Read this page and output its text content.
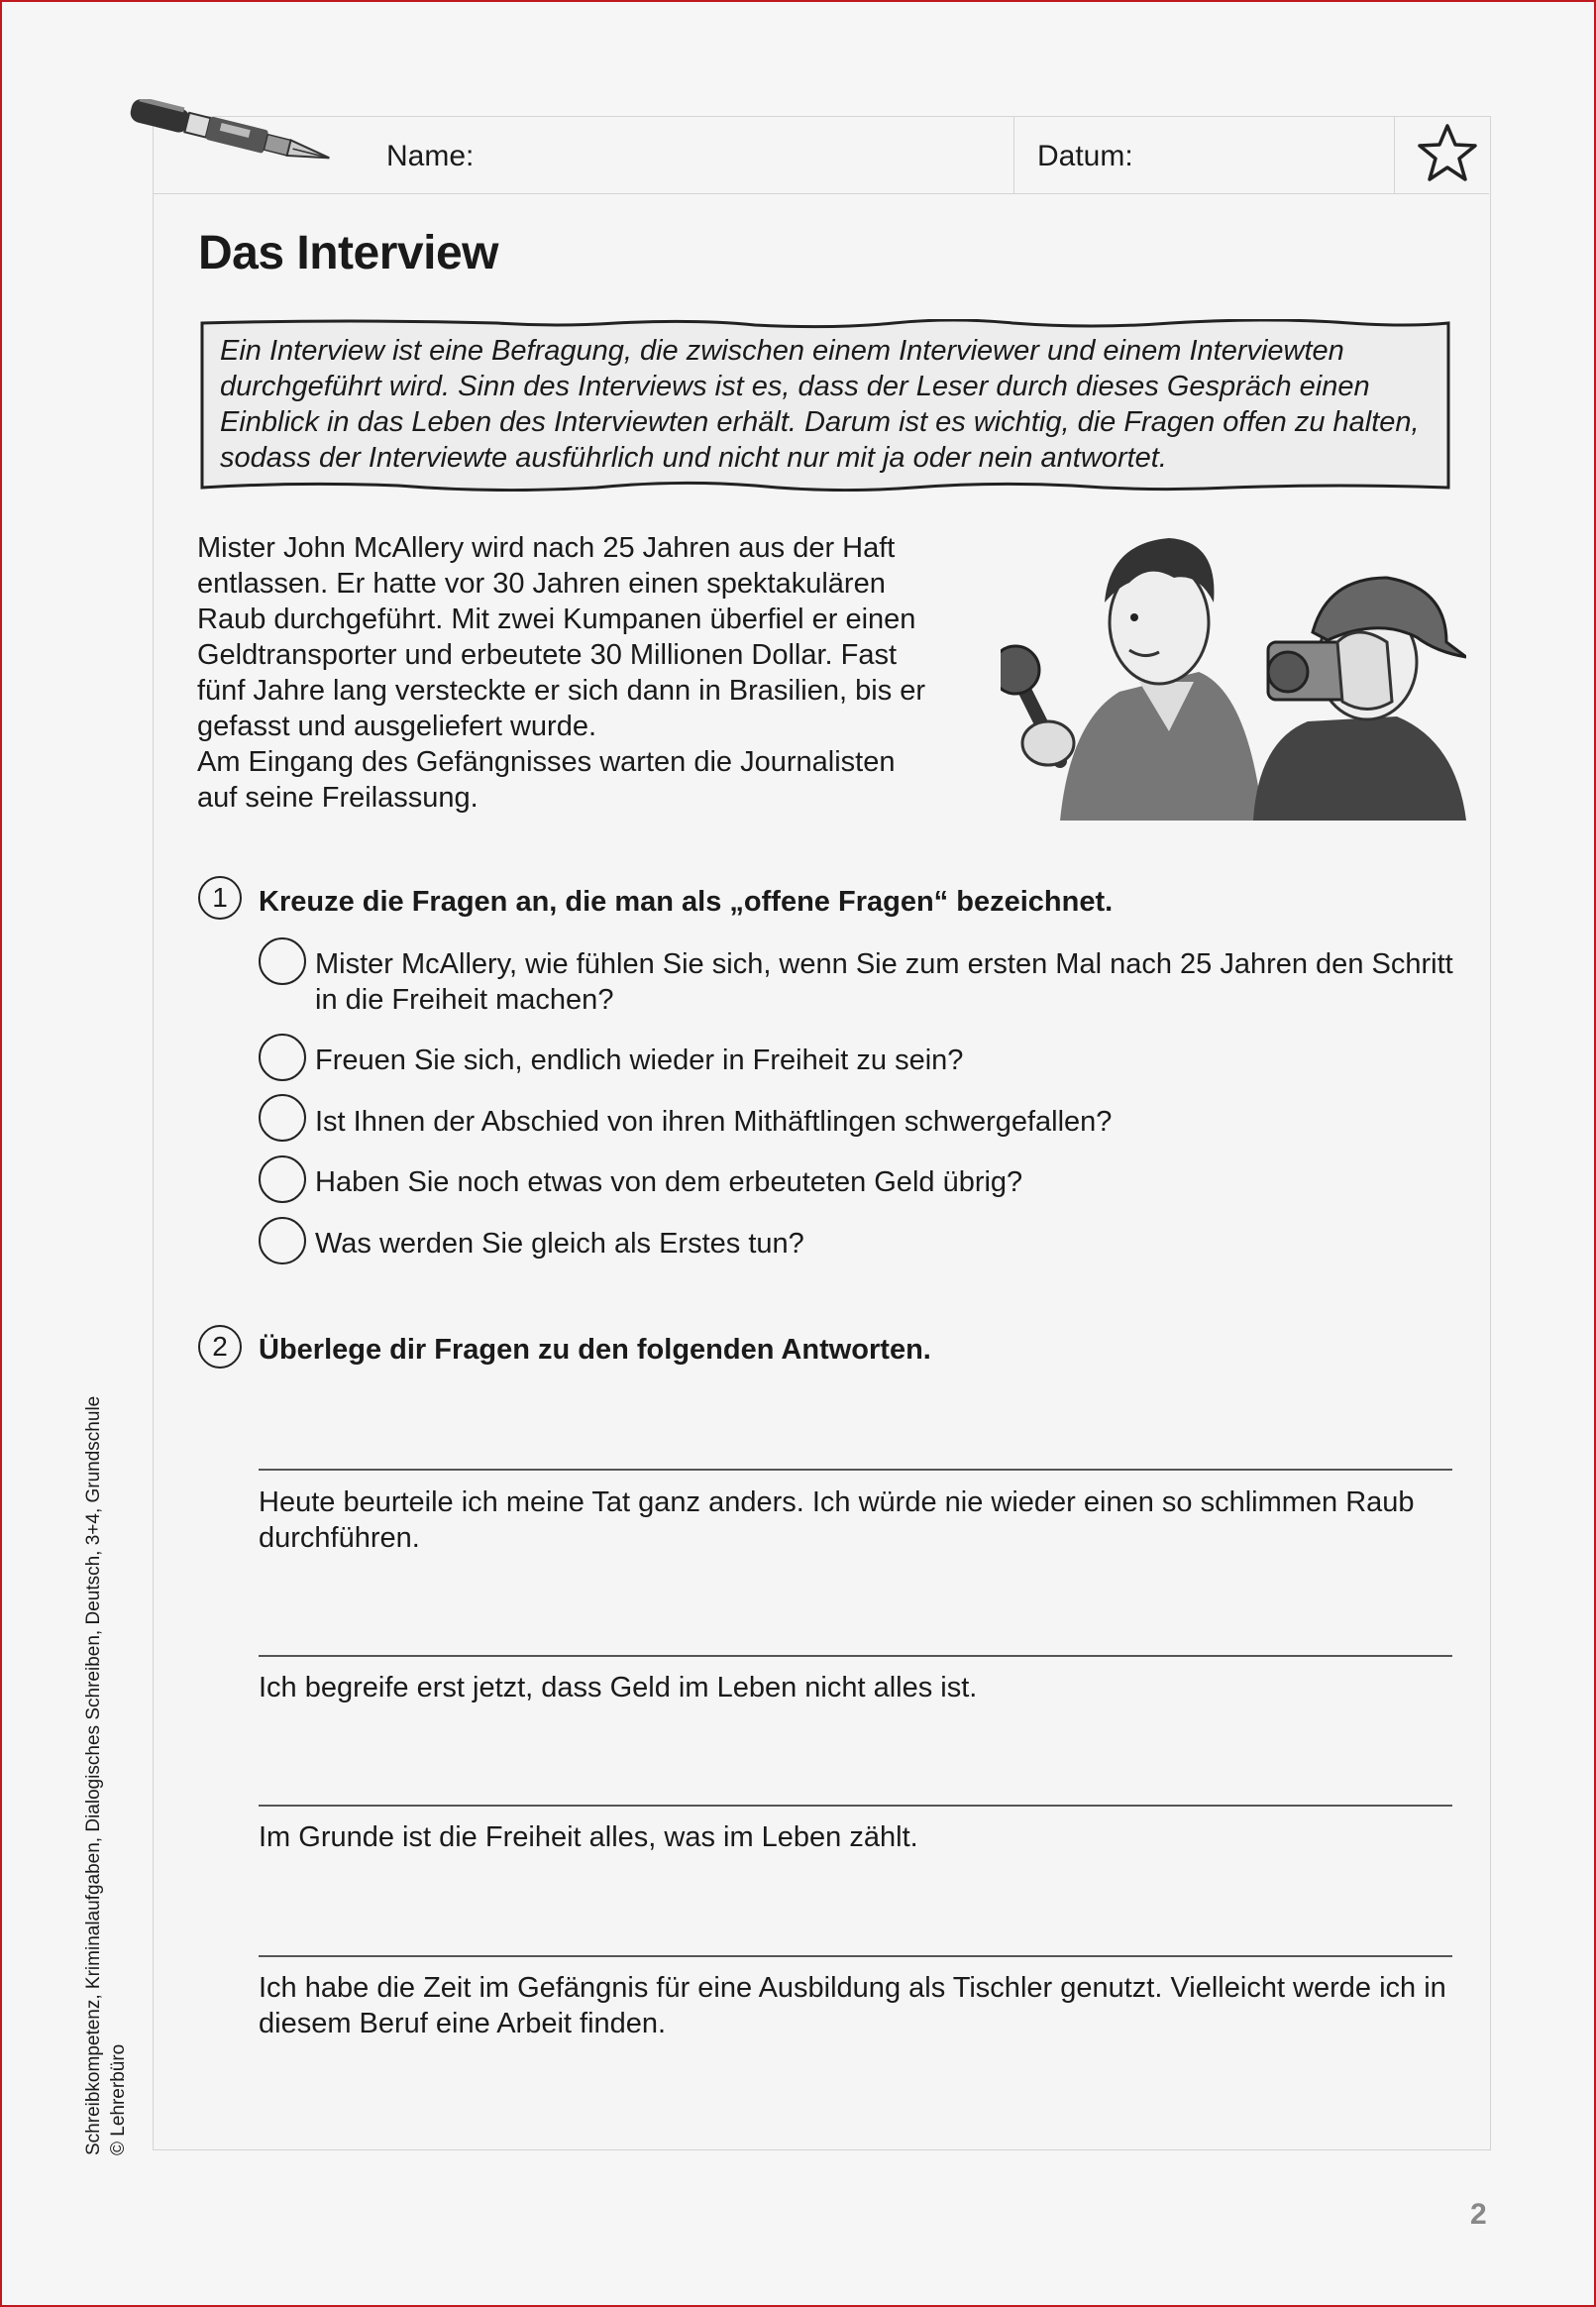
Name:	Datum:
Das Interview
Ein Interview ist eine Befragung, die zwischen einem Interviewer und einem Interviewten durchgeführt wird. Sinn des Interviews ist es, dass der Leser durch dieses Gespräch einen Einblick in das Leben des Interviewten erhält. Darum ist es wichtig, die Fragen offen zu halten, sodass der Interviewte ausführlich und nicht nur mit ja oder nein antwortet.

Mister John McAllery wird nach 25 Jahren aus der Haft entlassen. Er hatte vor 30 Jahren einen spektakulären Raub durchgeführt. Mit zwei Kumpanen überfiel er einen Geldtransporter und erbeutete 30 Millionen Dollar. Fast fünf Jahre lang versteckte er sich dann in Brasilien, bis er gefasst und ausgeliefert wurde.

Am Eingang des Gefängnisses warten die Journalisten auf seine Freilassung.

1	Kreuze die Fragen an, die man als „offene Fragen“ bezeichnet.
Mister McAllery, wie fühlen Sie sich, wenn Sie zum ersten Mal nach 25 Jahren den Schritt in die Freiheit machen?
Freuen Sie sich, endlich wieder in Freiheit zu sein?
Ist Ihnen der Abschied von ihren Mithäftlingen schwergefallen?
Haben Sie noch etwas von dem erbeuteten Geld übrig?
Was werden Sie gleich als Erstes tun?
2	Überlege dir Fragen zu den folgenden Antworten.
Heute beurteile ich meine Tat ganz anders. Ich würde nie wieder einen so schlimmen Raub durchführen.
Ich begreife erst jetzt, dass Geld im Leben nicht alles ist.
Im Grunde ist die Freiheit alles, was im Leben zählt.
Ich habe die Zeit im Gefängnis für eine Ausbildung als Tischler genutzt. Vielleicht werde ich in diesem Beruf eine Arbeit finden.
Schreibkompetenz, Kriminalaufgaben, Dialogisches Schreiben, Deutsch, 3+4, Grundschule © Lehrerbüro
2
